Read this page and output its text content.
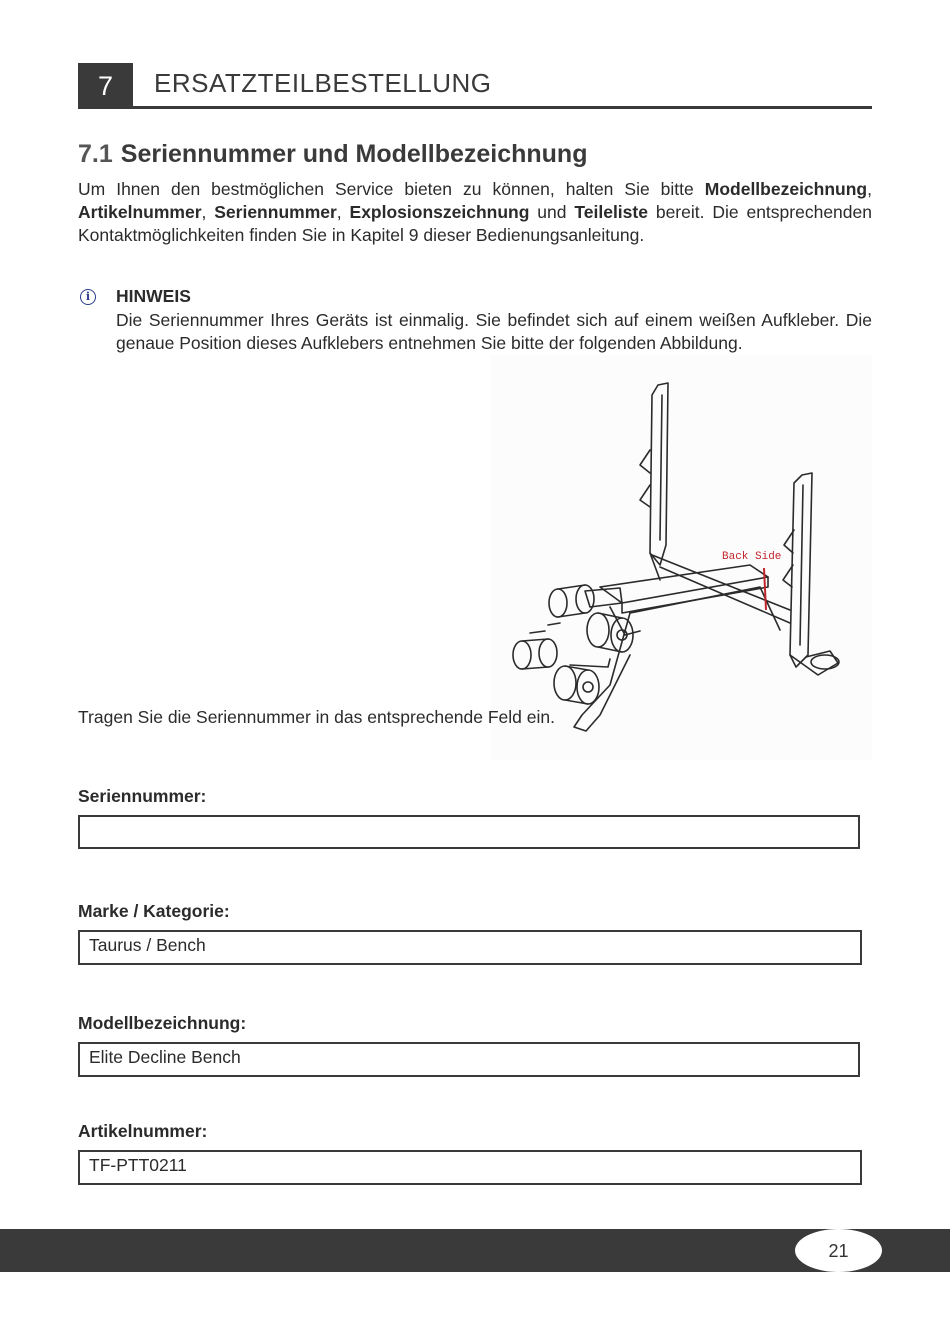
7	ERSATZTEILBESTELLUNG
7.1 Seriennummer und Modellbezeichnung
Um Ihnen den bestmöglichen Service bieten zu können, halten Sie bitte Modellbezeichnung, Artikelnummer, Seriennummer, Explosionszeichnung und Teileliste bereit. Die entsprechenden Kontaktmöglichkeiten finden Sie in Kapitel 9 dieser Bedienungsanleitung.
i	HINWEIS
Die Seriennummer Ihres Geräts ist einmalig. Sie befindet sich auf einem weißen Aufkleber. Die genaue Position dieses Aufklebers entnehmen Sie bitte der folgenden Abbildung.
Back Side
Tragen Sie die Seriennummer in das entsprechende Feld ein.
Seriennummer:
Marke / Kategorie:
Taurus / Bench
Modellbezeichnung:
Elite Decline Bench
Artikelnummer:
TF-PTT0211
21
